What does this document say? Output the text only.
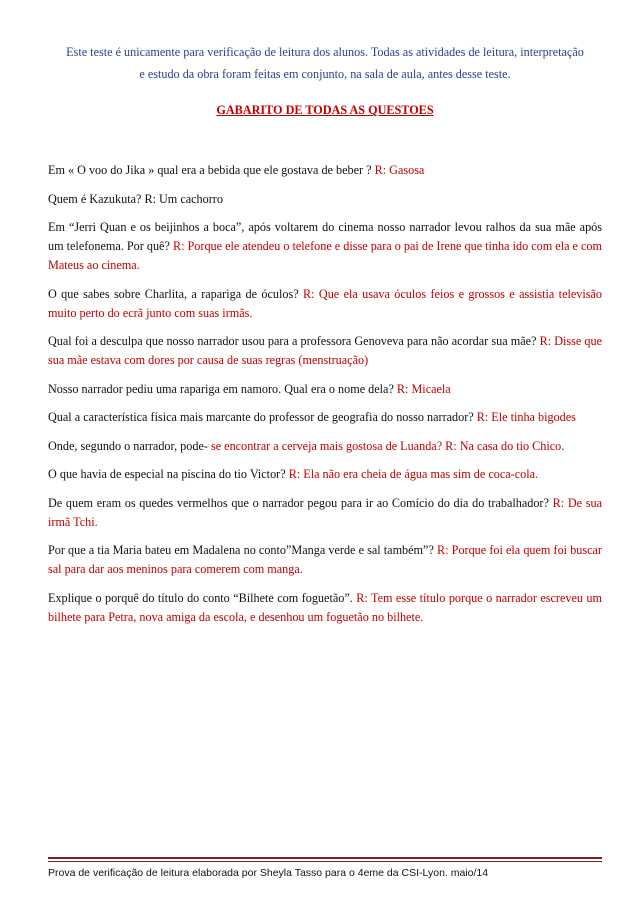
Este teste é unicamente para verificação de leitura dos alunos. Todas as atividades de leitura, interpretação
e estudo da obra foram feitas em conjunto, na sala de aula, antes desse teste.
GABARITO DE TODAS AS QUESTOES

Em « O voo do Jika » qual era a bebida que ele gostava de beber ? R: Gasosa

Quem é Kazukuta? R: Um cachorro

Em “Jerri Quan e os beijinhos a boca”, após voltarem do cinema nosso narrador levou ralhos da sua mãe após um telefonema. Por quê? R: Porque ele atendeu o telefone e disse para o pai de Irene que tinha ido com ela e com Mateus ao cinema.

O que sabes sobre Charlita, a rapariga de óculos? R: Que ela usava óculos feios e grossos e assistia televisão muito perto do ecrã junto com suas irmãs.

Qual foi a desculpa que nosso narrador usou para a professora Genoveva para não acordar sua mãe? R: Disse que sua mãe estava com dores por causa de suas regras (menstruação)

Nosso narrador pediu uma rapariga em namoro. Qual era o nome dela? R: Micaela

Qual a característica física mais marcante do professor de geografia do nosso narrador? R: Ele tinha bigodes

Onde, segundo o narrador, pode- se encontrar a cerveja mais gostosa de Luanda? R: Na casa do tio Chico.

O que havia de especial na piscina do tio Victor? R: Ela não era cheia de água mas sim de coca-cola.

De quem eram os quedes vermelhos que o narrador pegou para ir ao Comício do dia do trabalhador? R: De sua irmã Tchi.

Por que a tia Maria bateu em Madalena no conto”Manga verde e sal também”? R: Porque foi ela quem foi buscar sal para dar aos meninos para comerem com manga.

Explique o porquê do título do conto “Bilhete com foguetão”. R: Tem esse título porque o narrador escreveu um bilhete para Petra, nova amiga da escola, e desenhou um foguetão no bilhete.

Prova de verificação de leitura elaborada por Sheyla Tasso para o 4eme da CSI-Lyon. maio/14
